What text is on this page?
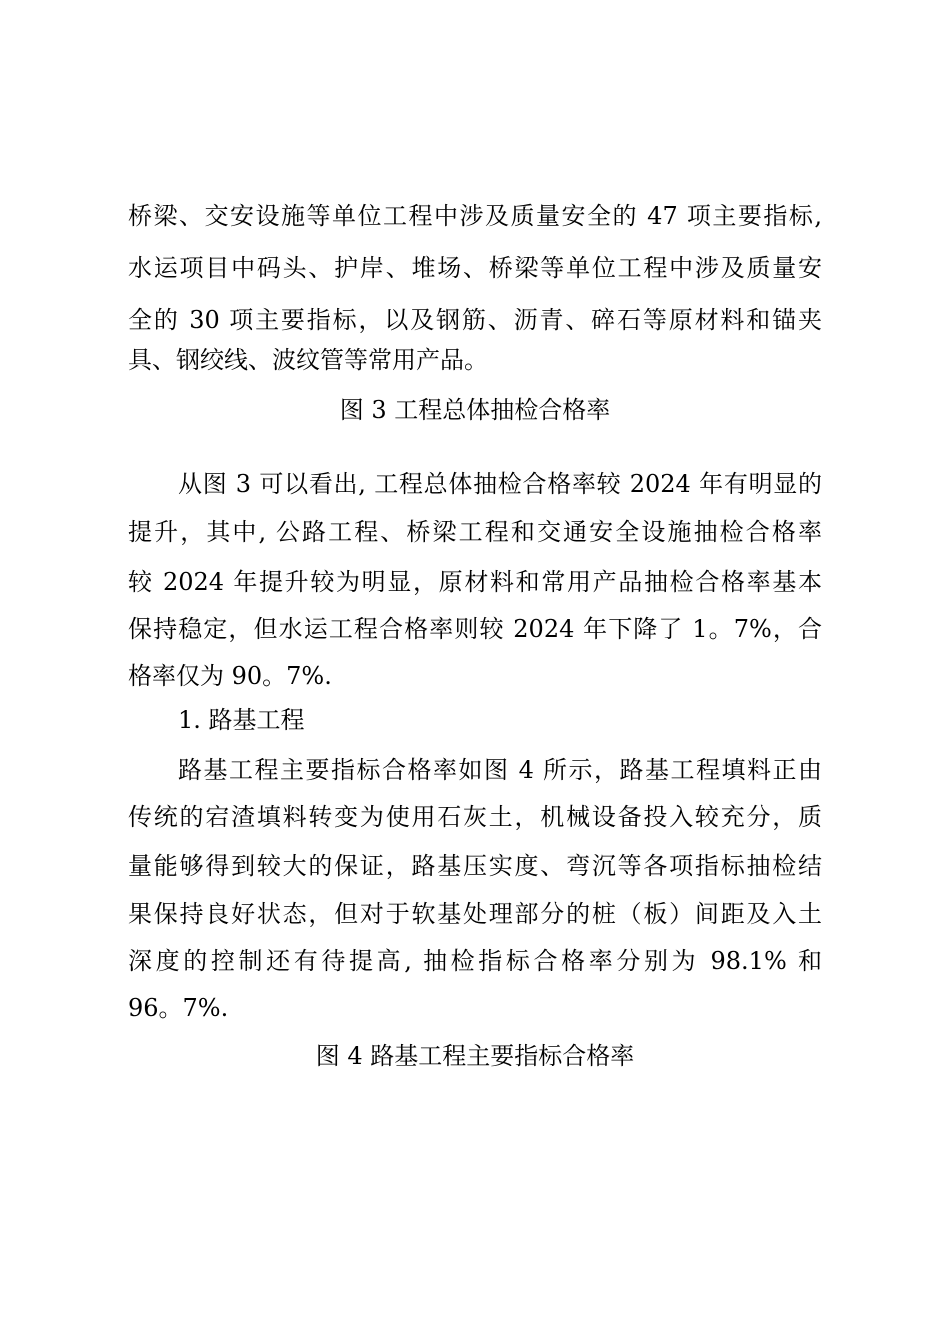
桥梁、交安设施等单位工程中涉及质量安全的 47 项主要指标,
水运项目中码头、护岸、堆场、桥梁等单位工程中涉及质量安
全的 30 项主要指标，以及钢筋、沥青、碎石等原材料和锚夹
具、钢绞线、波纹管等常用产品。
图 3 工程总体抽检合格率
从图 3 可以看出, 工程总体抽检合格率较 2024 年有明显的
提升，其中, 公路工程、桥梁工程和交通安全设施抽检合格率
较 2024 年提升较为明显，原材料和常用产品抽检合格率基本
保持稳定，但水运工程合格率则较 2024 年下降了 1。7%，合
格率仅为 90。7%.
1. 路基工程
路基工程主要指标合格率如图 4 所示，路基工程填料正由
传统的宕渣填料转变为使用石灰土，机械设备投入较充分，质
量能够得到较大的保证，路基压实度、弯沉等各项指标抽检结
果保持良好状态，但对于软基处理部分的桩（板）间距及入土
深度的控制还有待提高, 抽检指标合格率分别为 98.1% 和
96。7%.
图 4 路基工程主要指标合格率
